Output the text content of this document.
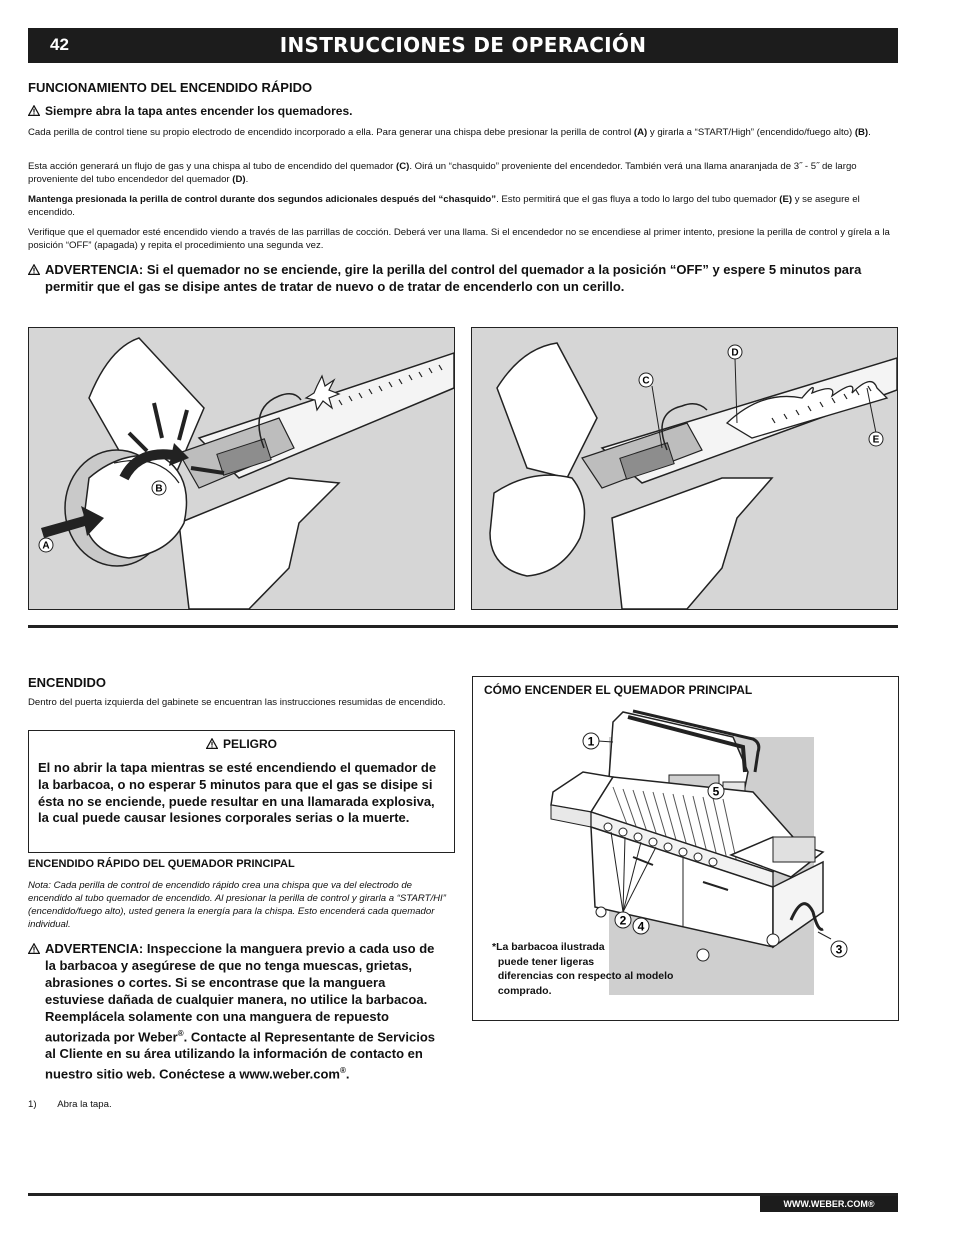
42	INSTRUCCIONES DE OPERACIÓN
FUNCIONAMIENTO DEL ENCENDIDO RÁPIDO
Siempre abra la tapa antes encender los quemadores.
Cada perilla de control tiene su propio electrodo de encendido incorporado a ella. Para generar una chispa debe presionar la perilla de control (A) y girarla a “START/High” (encendido/fuego alto) (B).
Esta acción generará un flujo de gas y una chispa al tubo de encendido del quemador (C). Oirá un “chasquido” proveniente del encendedor. También verá una llama anaranjada de 3˝ - 5˝ de largo proveniente del tubo encendedor del quemador (D).
Mantenga presionada la perilla de control durante dos segundos adicionales después del “chasquido”. Esto permitirá que el gas fluya a todo lo largo del tubo quemador (E) y se asegure el encendido.
Verifique que el quemador esté encendido viendo a través de las parrillas de cocción. Deberá ver una llama. Si el encendedor no se encendiese al primer intento, presione la perilla de control y gírela a la posición “OFF” (apagada) y repita el procedimiento una segunda vez.
ADVERTENCIA: Si el quemador no se enciende, gire la perilla del control del quemador a la posición “OFF” y espere 5 minutos para permitir que el gas se disipe antes de tratar de nuevo o de tratar de encenderlo con un cerillo.
B
A
C
D
E
ENCENDIDO
Dentro del puerta izquierda del gabinete se encuentran las instrucciones resumidas de encendido.
PELIGRO
El no abrir la tapa mientras se esté encendiendo el quemador de la barbacoa, o no esperar 5 minutos para que el gas se disipe si ésta no se enciende, puede resultar en una llamarada explosiva, la cual puede causar lesiones corporales serias o la muerte.
ENCENDIDO RÁPIDO DEL QUEMADOR PRINCIPAL
Nota: Cada perilla de control de encendido rápido crea una chispa que va del electrodo de encendido al tubo quemador de encendido. Al presionar la perilla de control y girarla a “START/HI” (encendido/fuego alto), usted genera la energía para la chispa. Esto encenderá cada quemador individual.
ADVERTENCIA: Inspeccione la manguera previo a cada uso de la barbacoa y asegúrese de que no tenga muescas, grietas, abrasiones o cortes. Si se encontrase que la manguera estuviese dañada de cualquier manera, no utilice la barbacoa. Reemplácela solamente con una manguera de repuesto autorizada por Weber®. Contacte al Representante de Servicios al Cliente en su área utilizando la información de contacto en nuestro sitio web. Conéctese a www.weber.com®.
1) Abra la tapa.
CÓMO ENCENDER EL QUEMADOR PRINCIPAL
1
5
2 4
3
*La barbacoa ilustrada
puede tener ligeras
diferencias con respecto al modelo
comprado.
WWW.WEBER.COM®
